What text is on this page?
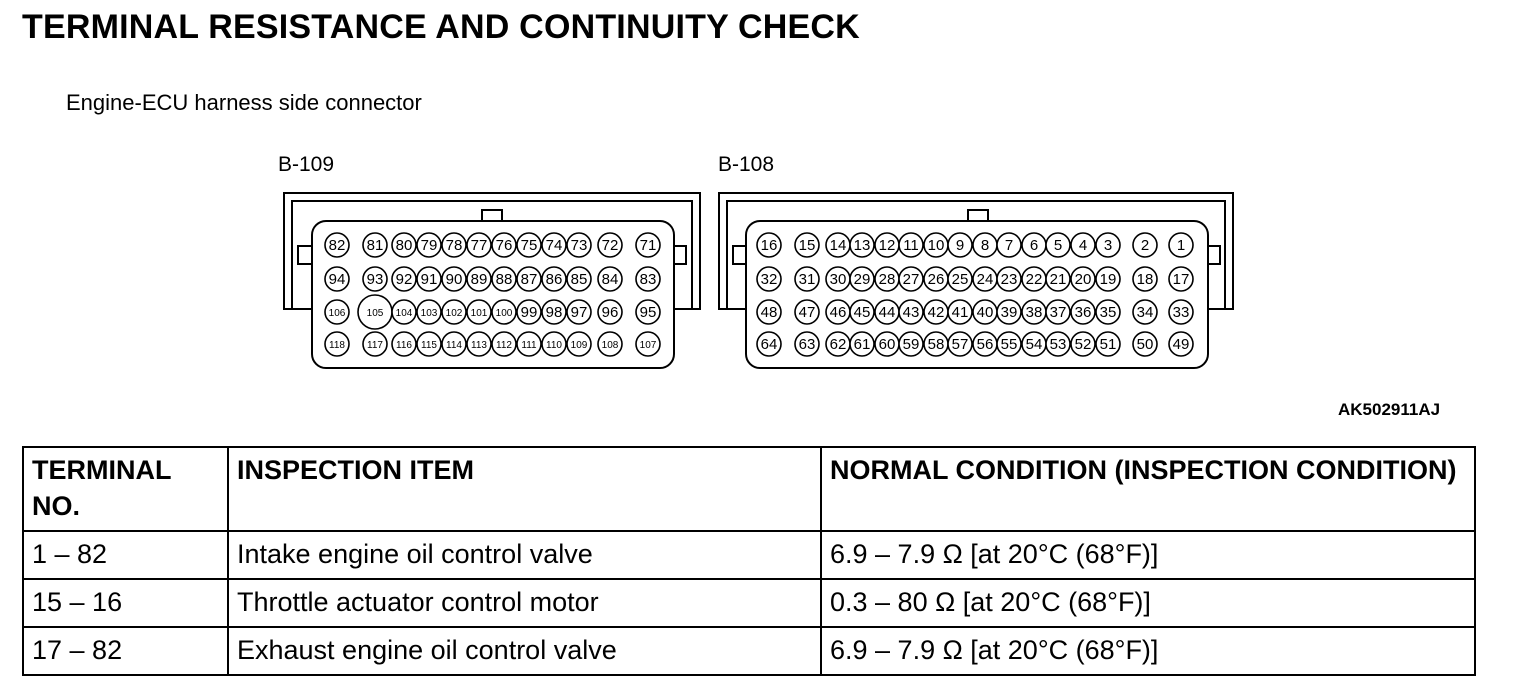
TERMINAL RESISTANCE AND CONTINUITY CHECK
Engine-ECU harness side connector
B-109	B-108
82 81 80 79 78 77 76 75 74 73 72 71
94 93 92 91 90 89 88 87 86 85 84 83
106 105 104 103 102 101 100 99 98 97 96 95
118 117 116 115 114 113 112 111 110 109 108 107
16 15 14 13 12 11 10 9 8 7 6 5 4 3 2 1
32 31 30 29 28 27 26 25 24 23 22 21 20 19 18 17
48 47 46 45 44 43 42 41 40 39 38 37 36 35 34 33
64 63 62 61 60 59 58 57 56 55 54 53 52 51 50 49
AK502911AJ
TERMINAL NO.	INSPECTION ITEM	NORMAL CONDITION (INSPECTION CONDITION)
1 – 82	Intake engine oil control valve	6.9 – 7.9 Ω [at 20°C (68°F)]
15 – 16	Throttle actuator control motor	0.3 – 80 Ω [at 20°C (68°F)]
17 – 82	Exhaust engine oil control valve	6.9 – 7.9 Ω [at 20°C (68°F)]
